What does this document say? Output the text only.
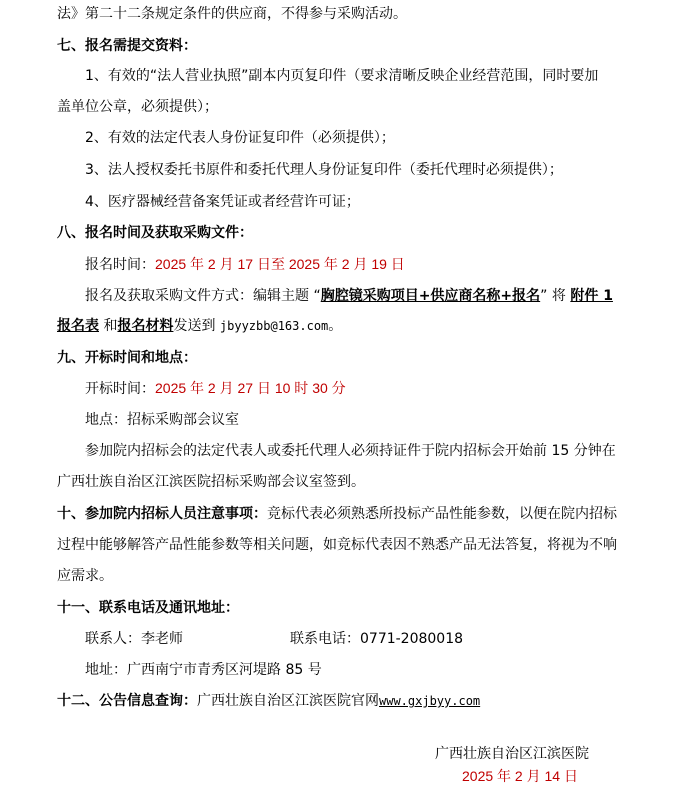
法》第二十二条规定条件的供应商，不得参与采购活动。
七、报名需提交资料：
1、有效的“法人营业执照”副本内页复印件（要求清晰反映企业经营范围，同时要加
盖单位公章，必须提供）；
2、有效的法定代表人身份证复印件（必须提供）；
3、法人授权委托书原件和委托代理人身份证复印件（委托代理时必须提供）；
4、医疗器械经营备案凭证或者经营许可证；
八、报名时间及获取采购文件：
报名时间：2025 年 2 月 17 日至 2025 年 2 月 19 日
报名及获取采购文件方式：编辑主题 “胸腔镜采购项目+供应商名称+报名” 将 附件 1
报名表 和报名材料发送到 jbyyzbb@163.com。
九、开标时间和地点：
开标时间：2025 年 2 月 27 日 10 时 30 分
地点：招标采购部会议室
参加院内招标会的法定代表人或委托代理人必须持证件于院内招标会开始前 15 分钟在
广西壮族自治区江滨医院招标采购部会议室签到。
十、参加院内招标人员注意事项：竞标代表必须熟悉所投标产品性能参数，以便在院内招标
过程中能够解答产品性能参数等相关问题，如竞标代表因不熟悉产品无法答复，将视为不响
应需求。
十一、联系电话及通讯地址：
联系人：李老师	联系电话：0771-2080018
地址：广西南宁市青秀区河堤路 85 号
十二、公告信息查询：广西壮族自治区江滨医院官网www.gxjbyy.com
广西壮族自治区江滨医院
2025 年 2 月 14 日
